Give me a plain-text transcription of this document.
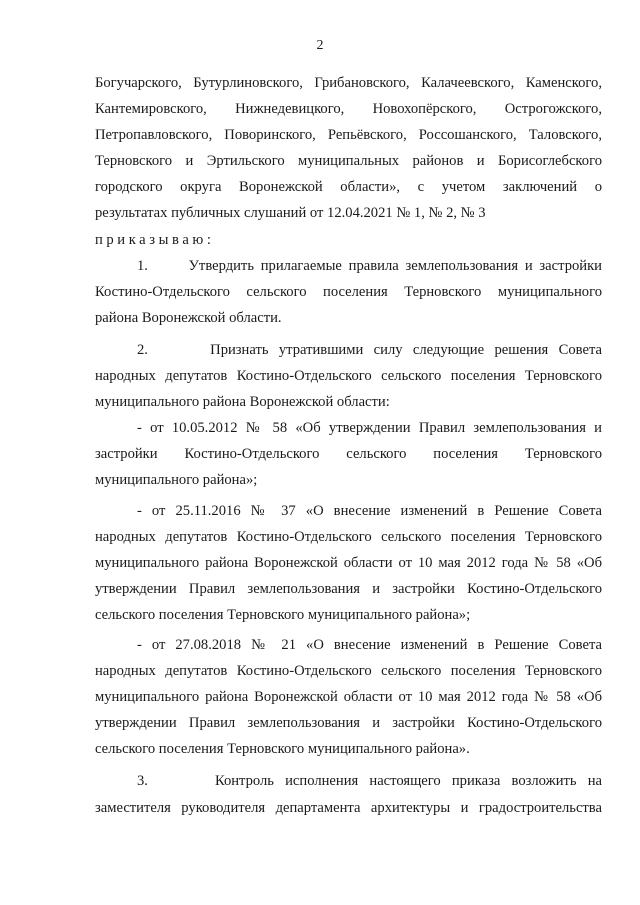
2
Богучарского, Бутурлиновского, Грибановского, Калачеевского, Каменского,
Кантемировского, Нижнедевицкого, Новохопёрского, Острогожского,
Петропавловского, Поворинского, Репьёвского, Россошанского, Таловского,
Терновского и Эртильского муниципальных районов и Борисоглебского
городского округа Воронежской области», с учетом заключений о
результатах публичных слушаний от 12.04.2021 № 1, № 2, № 3
приказываю:
1.      Утвердить прилагаемые правила землепользования и застройки
Костино-Отдельского сельского поселения Терновского муниципального
района Воронежской области.
2.      Признать утратившими силу следующие решения Совета
народных депутатов Костино-Отдельского сельского поселения Терновского
муниципального района Воронежской области:
- от 10.05.2012 № 58 «Об утверждении Правил землепользования и
застройки Костино-Отдельского сельского поселения Терновского
муниципального района»;
- от 25.11.2016 № 37 «О внесение изменений в Решение Совета
народных депутатов Костино-Отдельского сельского поселения Терновского
муниципального района Воронежской области от 10 мая 2012 года № 58 «Об
утверждении Правил землепользования и застройки Костино-Отдельского
сельского поселения Терновского муниципального района»;
- от 27.08.2018 № 21 «О внесение изменений в Решение Совета
народных депутатов Костино-Отдельского сельского поселения Терновского
муниципального района Воронежской области от 10 мая 2012 года № 58 «Об
утверждении Правил землепользования и застройки Костино-Отдельского
сельского поселения Терновского муниципального района».
3.      Контроль исполнения настоящего приказа возложить на
заместителя руководителя департамента архитектуры и градостроительства
